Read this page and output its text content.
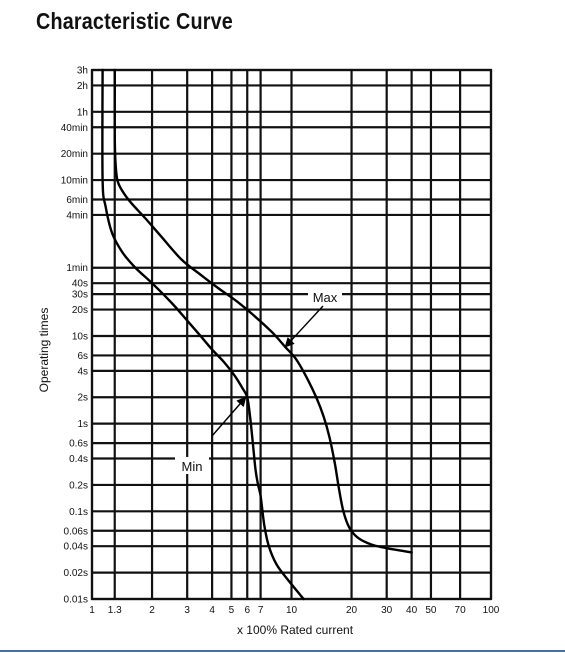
Characteristic Curve
3h
2h
1h
40min
20min
10min
6min
4min
1min
40s
30s
20s
10s
6s
4s
2s
1s
0.6s
0.4s
0.2s
0.1s
0.06s
0.04s
0.02s
0.01s
1 1.3	2	3 4 5 6 7 10	20 30 40 50 70 100
Max
Min
Operating times
x 100% Rated current
